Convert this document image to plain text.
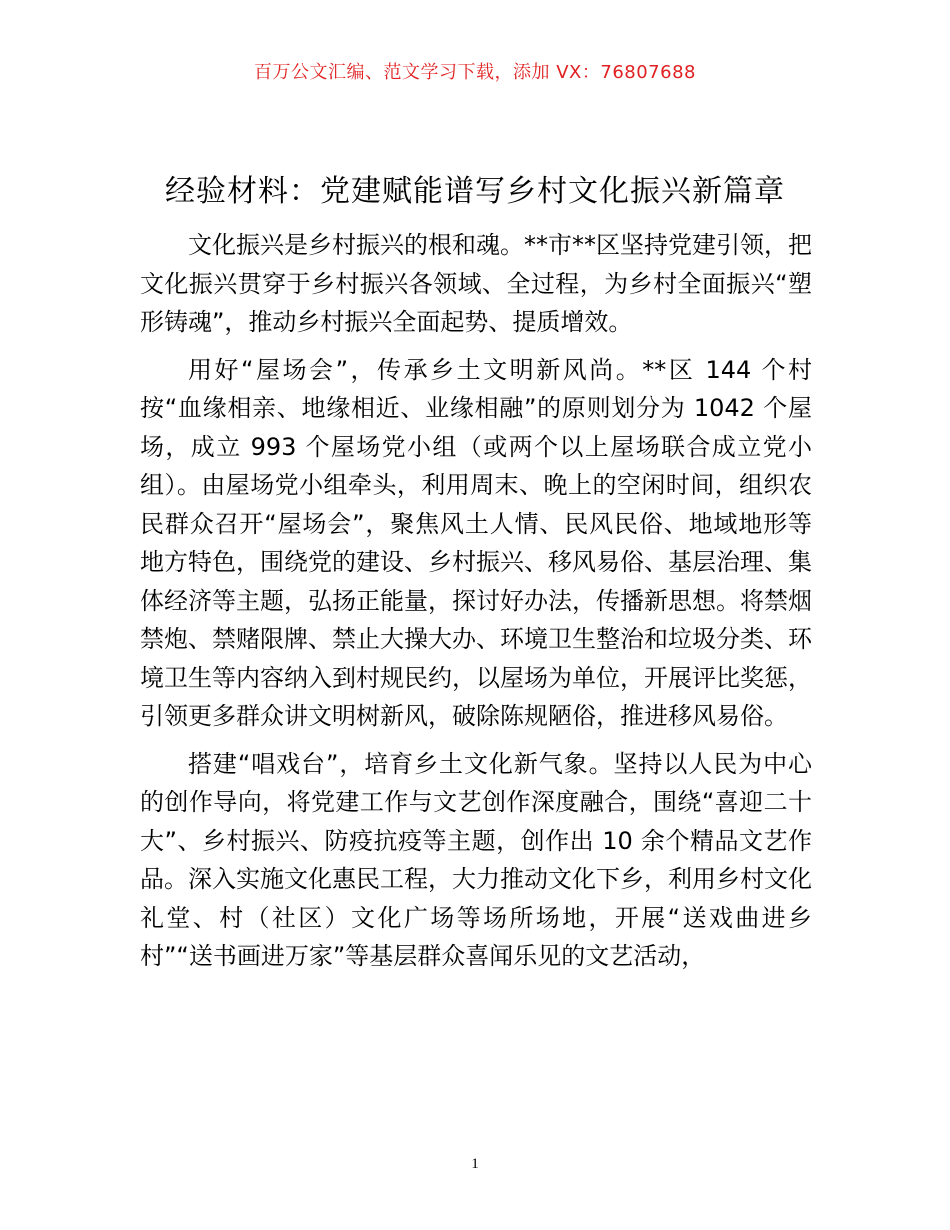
百万公文汇编、范文学习下载，添加 VX：76807688
经验材料：党建赋能谱写乡村文化振兴新篇章

文化振兴是乡村振兴的根和魂。**市**区坚持党建引领，把文化振兴贯穿于乡村振兴各领域、全过程，为乡村全面振兴“塑形铸魂”，推动乡村振兴全面起势、提质增效。

用好“屋场会”，传承乡土文明新风尚。**区 144 个村按“血缘相亲、地缘相近、业缘相融”的原则划分为 1042 个屋场，成立 993 个屋场党小组（或两个以上屋场联合成立党小组）。由屋场党小组牵头，利用周末、晚上的空闲时间，组织农民群众召开“屋场会”，聚焦风土人情、民风民俗、地域地形等地方特色，围绕党的建设、乡村振兴、移风易俗、基层治理、集体经济等主题，弘扬正能量，探讨好办法，传播新思想。将禁烟禁炮、禁赌限牌、禁止大操大办、环境卫生整治和垃圾分类、环境卫生等内容纳入到村规民约，以屋场为单位，开展评比奖惩，引领更多群众讲文明树新风，破除陈规陋俗，推进移风易俗。

搭建“唱戏台”，培育乡土文化新气象。坚持以人民为中心的创作导向，将党建工作与文艺创作深度融合，围绕“喜迎二十大”、乡村振兴、防疫抗疫等主题，创作出 10 余个精品文艺作品。深入实施文化惠民工程，大力推动文化下乡，利用乡村文化礼堂、村（社区）文化广场等场所场地，开展“送戏曲进乡村”“送书画进万家”等基层群众喜闻乐见的文艺活动，

1
